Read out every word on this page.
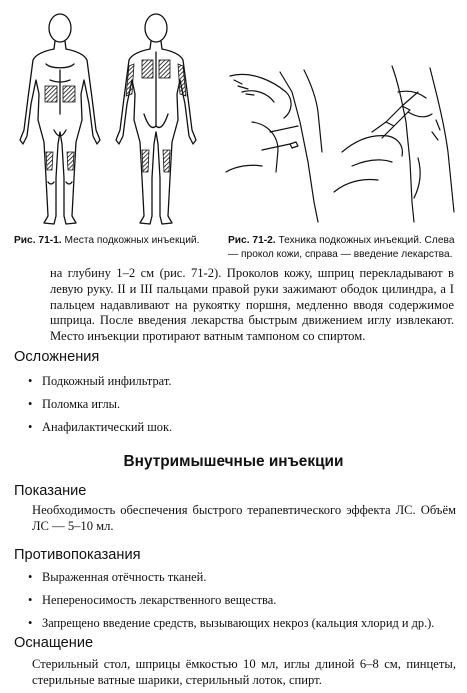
Рис. 71-1. Места подкожных инъекций.	Рис. 71-2. Техника подкожных инъекций. Слева — прокол кожи, справа — введение лекарства.
на глубину 1–2 см (рис. 71-2). Проколов кожу, шприц перекладывают в левую руку. II и III пальцами правой руки зажимают ободок цилиндра, а I пальцем надавливают на рукоятку поршня, медленно вводя содержимое шприца. После введения лекарства быстрым движением иглу извлекают. Место инъекции протирают ватным тампоном со спиртом.
Осложнения
• Подкожный инфильтрат.
• Поломка иглы.
• Анафилактический шок.
Внутримышечные инъекции
Показание
Необходимость обеспечения быстрого терапевтического эффекта ЛС. Объём ЛС — 5–10 мл.
Противопоказания
• Выраженная отёчность тканей.
• Непереносимость лекарственного вещества.
• Запрещено введение средств, вызывающих некроз (кальция хлорид и др.).
Оснащение
Стерильный стол, шприцы ёмкостью 10 мл, иглы длиной 6–8 см, пинцеты, стерильные ватные шарики, стерильный лоток, спирт.
